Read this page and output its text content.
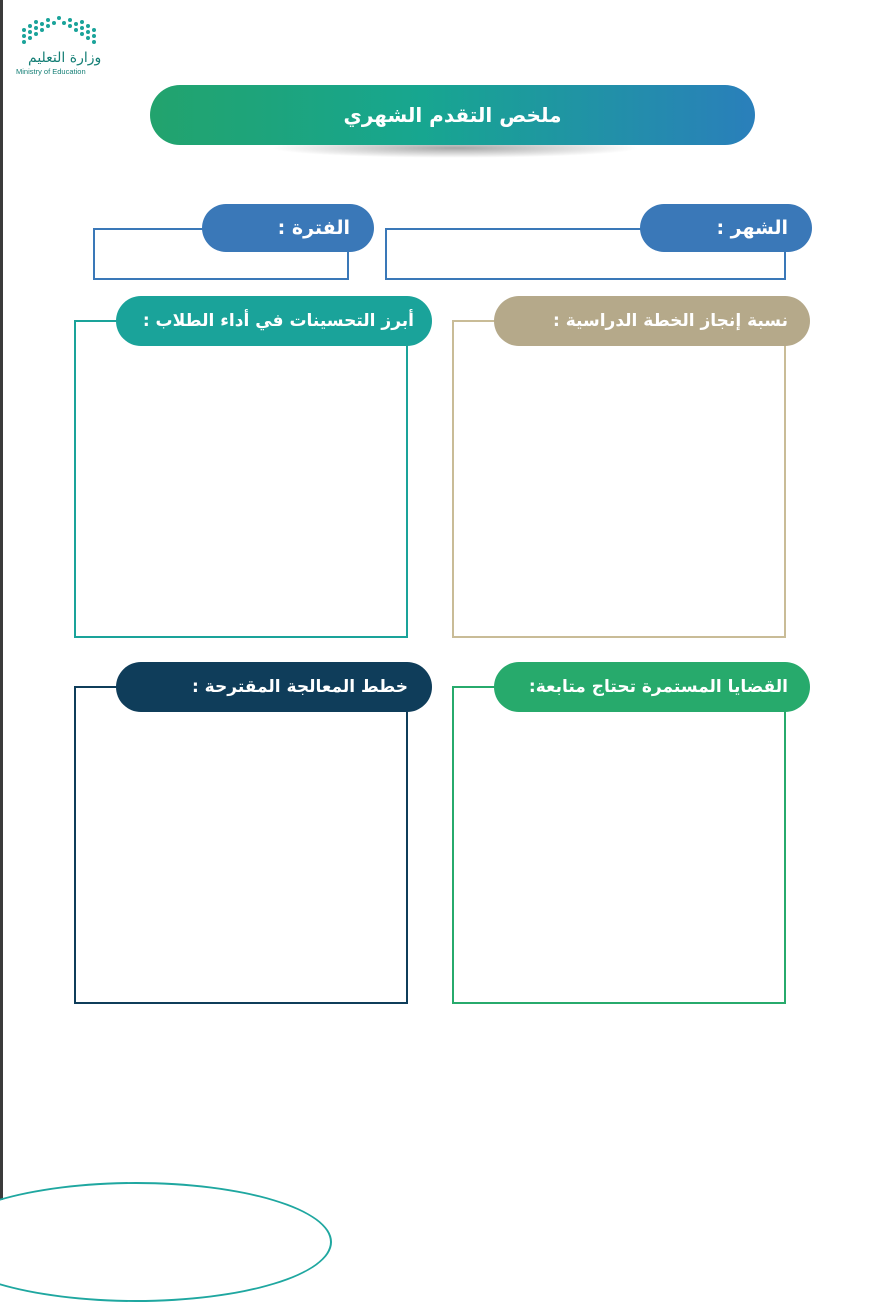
وزارة التعليم
Ministry of Education
ملخص التقدم الشهري
الشهر :
الفترة :
نسبة إنجاز الخطة الدراسية :
أبرز التحسينات في أداء الطلاب :
القضايا المستمرة تحتاج متابعة:
خطط المعالجة المقترحة :
